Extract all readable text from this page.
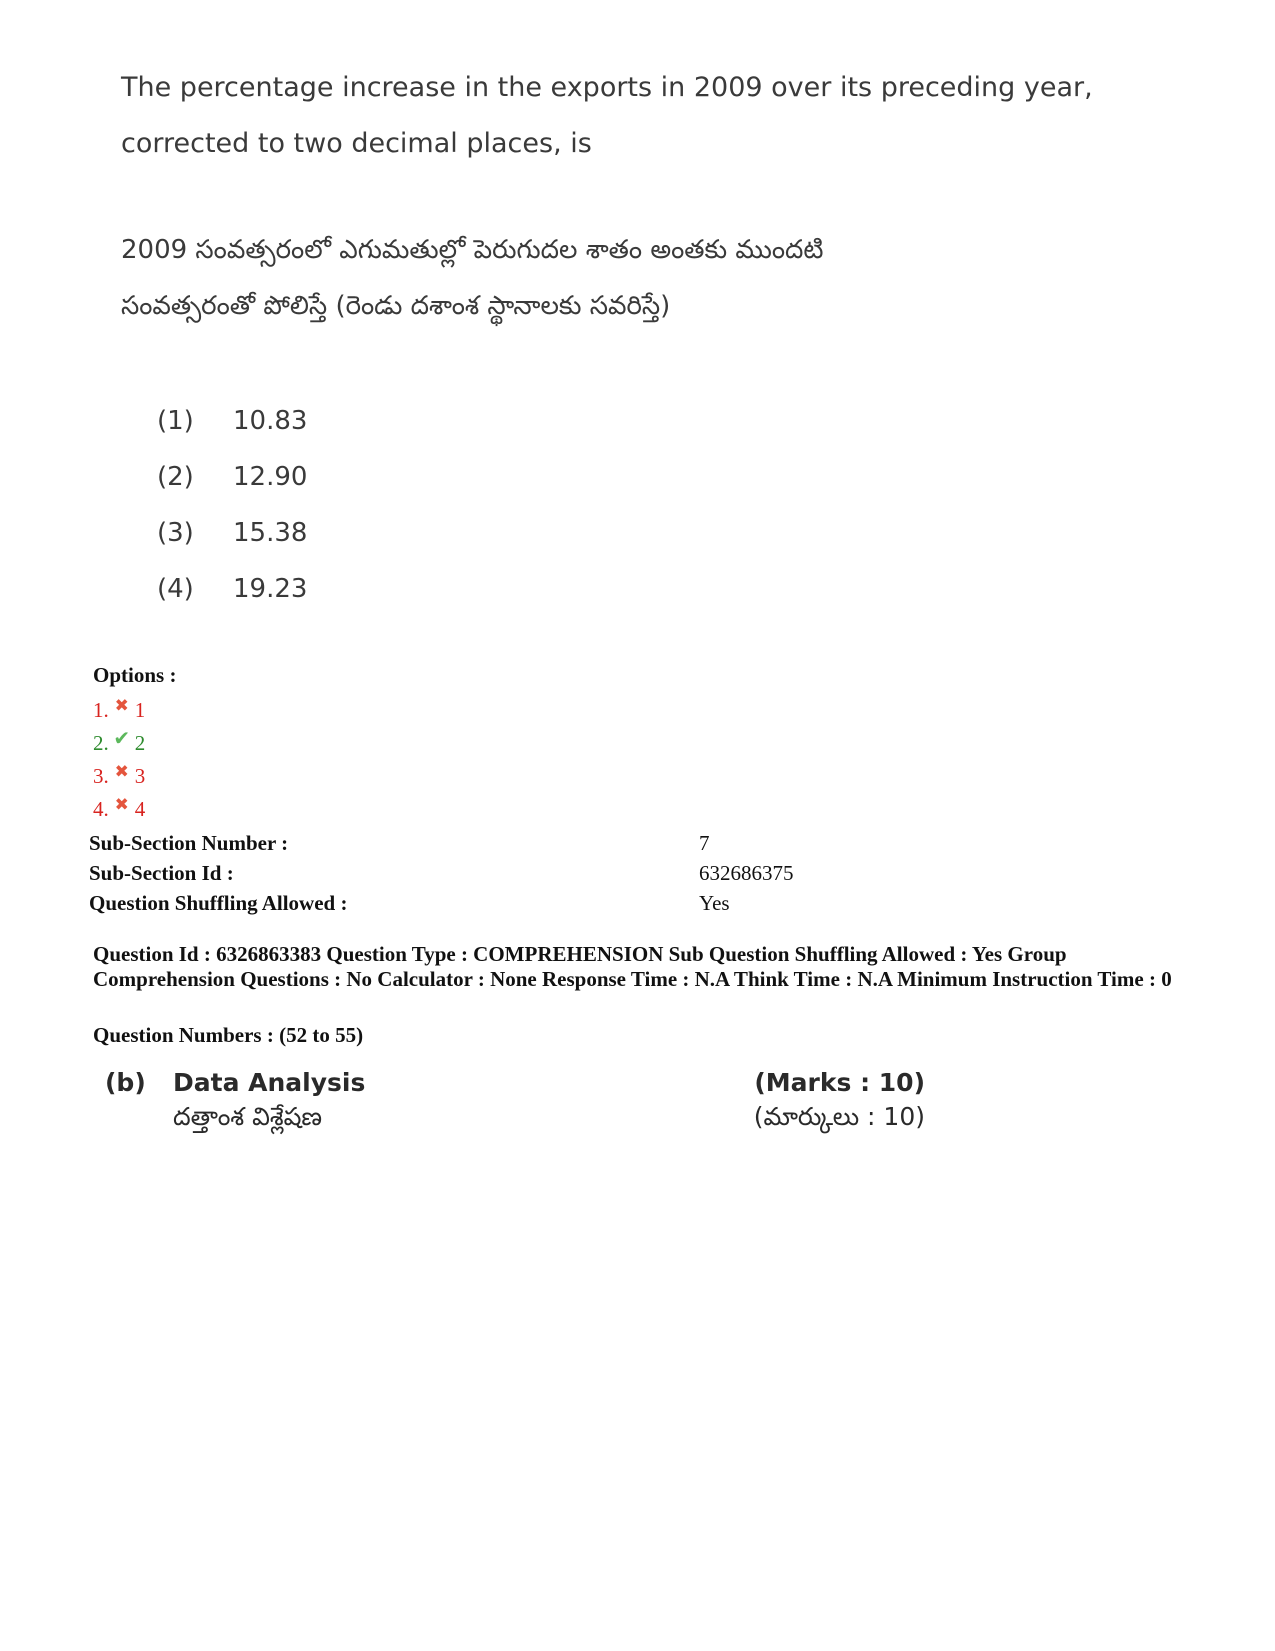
The percentage increase in the exports in 2009 over its preceding year,
corrected to two decimal places, is
2009 సంవత్సరంలో ఎగుమతుల్లో పెరుగుదల శాతం అంతకు ముందటి
సంవత్సరంతో పోలిస్తే (రెండు దశాంశ స్థానాలకు సవరిస్తే)
(1)	10.83
(2)	12.90
(3)	15.38
(4)	19.23
Options :
1. ✖ 1
2. ✔ 2
3. ✖ 3
4. ✖ 4
Sub-Section Number :	7
Sub-Section Id :	632686375
Question Shuffling Allowed :	Yes
Question Id : 6326863383 Question Type : COMPREHENSION Sub Question Shuffling Allowed : Yes Group Comprehension Questions : No Calculator : None Response Time : N.A Think Time : N.A Minimum Instruction Time : 0
Question Numbers : (52 to 55)
(b)	Data Analysis	(Marks : 10)
దత్తాంశ విశ్లేషణ	(మార్కులు : 10)
